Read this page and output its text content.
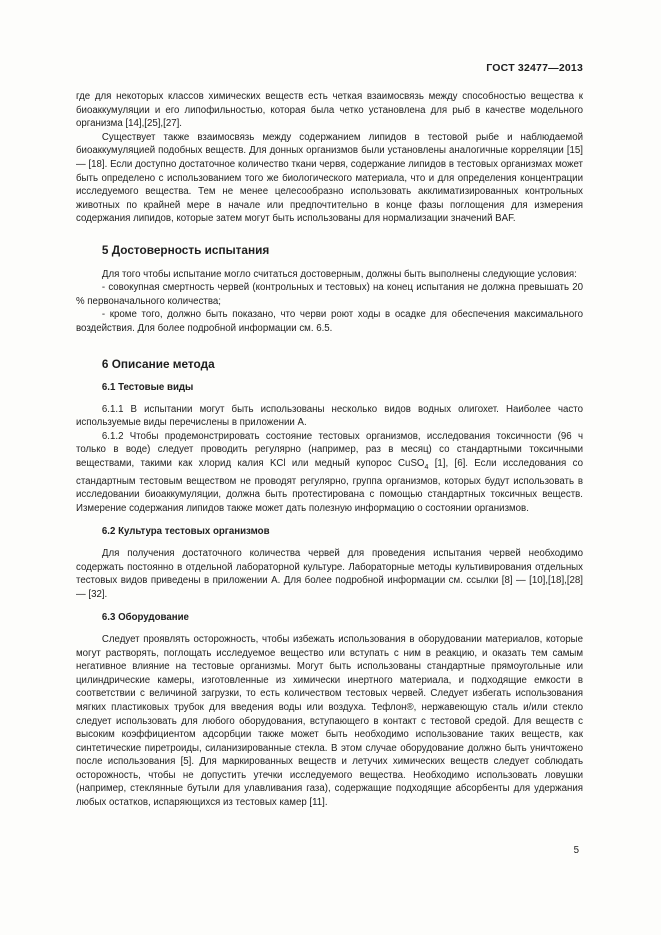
ГОСТ 32477—2013

где для некоторых классов химических веществ есть четкая взаимосвязь между способностью вещества к биоаккумуляции и его липофильностью, которая была четко установлена для рыб в качестве модельного организма [14],[25],[27].

Существует также взаимосвязь между содержанием липидов в тестовой рыбе и наблюдаемой биоаккумуляцией подобных веществ. Для донных организмов были установлены аналогичные корреляции [15] — [18]. Если доступно достаточное количество ткани червя, содержание липидов в тестовых организмах может быть определено с использованием того же биологического материала, что и для определения концентрации исследуемого вещества. Тем не менее целесообразно использовать акклиматизированных контрольных животных по крайней мере в начале или предпочтительно в конце фазы поглощения для измерения содержания липидов, которые затем могут быть использованы для нормализации значений BAF.

5 Достоверность испытания

Для того чтобы испытание могло считаться достоверным, должны быть выполнены следующие условия:

- совокупная смертность червей (контрольных и тестовых) на конец испытания не должна превышать 20 % первоначального количества;

- кроме того, должно быть показано, что черви роют ходы в осадке для обеспечения максимального воздействия. Для более подробной информации см. 6.5.

6 Описание метода
6.1 Тестовые виды

6.1.1 В испытании могут быть использованы несколько видов водных олигохет. Наиболее часто используемые виды перечислены в приложении А.

6.1.2 Чтобы продемонстрировать состояние тестовых организмов, исследования токсичности (96 ч только в воде) следует проводить регулярно (например, раз в месяц) со стандартными токсичными веществами, такими как хлорид калия KCl или медный купорос CuSO$_4$ [1], [6]. Если исследования со стандартным тестовым веществом не проводят регулярно, группа организмов, которых будут использовать в исследовании биоаккумуляции, должна быть протестирована с помощью стандартных токсичных веществ. Измерение содержания липидов также может дать полезную информацию о состоянии организмов.

6.2 Культура тестовых организмов

Для получения достаточного количества червей для проведения испытания червей необходимо содержать постоянно в отдельной лабораторной культуре. Лабораторные методы культивирования отдельных тестовых видов приведены в приложении А. Для более подробной информации см. ссылки [8] — [10],[18],[28] — [32].

6.3 Оборудование

Следует проявлять осторожность, чтобы избежать использования в оборудовании материалов, которые могут растворять, поглощать исследуемое вещество или вступать с ним в реакцию, и оказать тем самым негативное влияние на тестовые организмы. Могут быть использованы стандартные прямоугольные или цилиндрические камеры, изготовленные из химически инертного материала, и подходящие емкости в соответствии с величиной загрузки, то есть количеством тестовых червей. Следует избегать использования мягких пластиковых трубок для введения воды или воздуха. Тефлон®, нержавеющую сталь и/или стекло следует использовать для любого оборудования, вступающего в контакт с тестовой средой. Для веществ с высоким коэффициентом адсорбции также может быть необходимо использование таких веществ, как синтетические пиретроиды, силанизированные стекла. В этом случае оборудование должно быть уничтожено после использования [5]. Для маркированных веществ и летучих химических веществ следует соблюдать осторожность, чтобы не допустить утечки исследуемого вещества. Необходимо использовать ловушки (например, стеклянные бутыли для улавливания газа), содержащие подходящие абсорбенты для удержания любых остатков, испаряющихся из тестовых камер [11].

5
